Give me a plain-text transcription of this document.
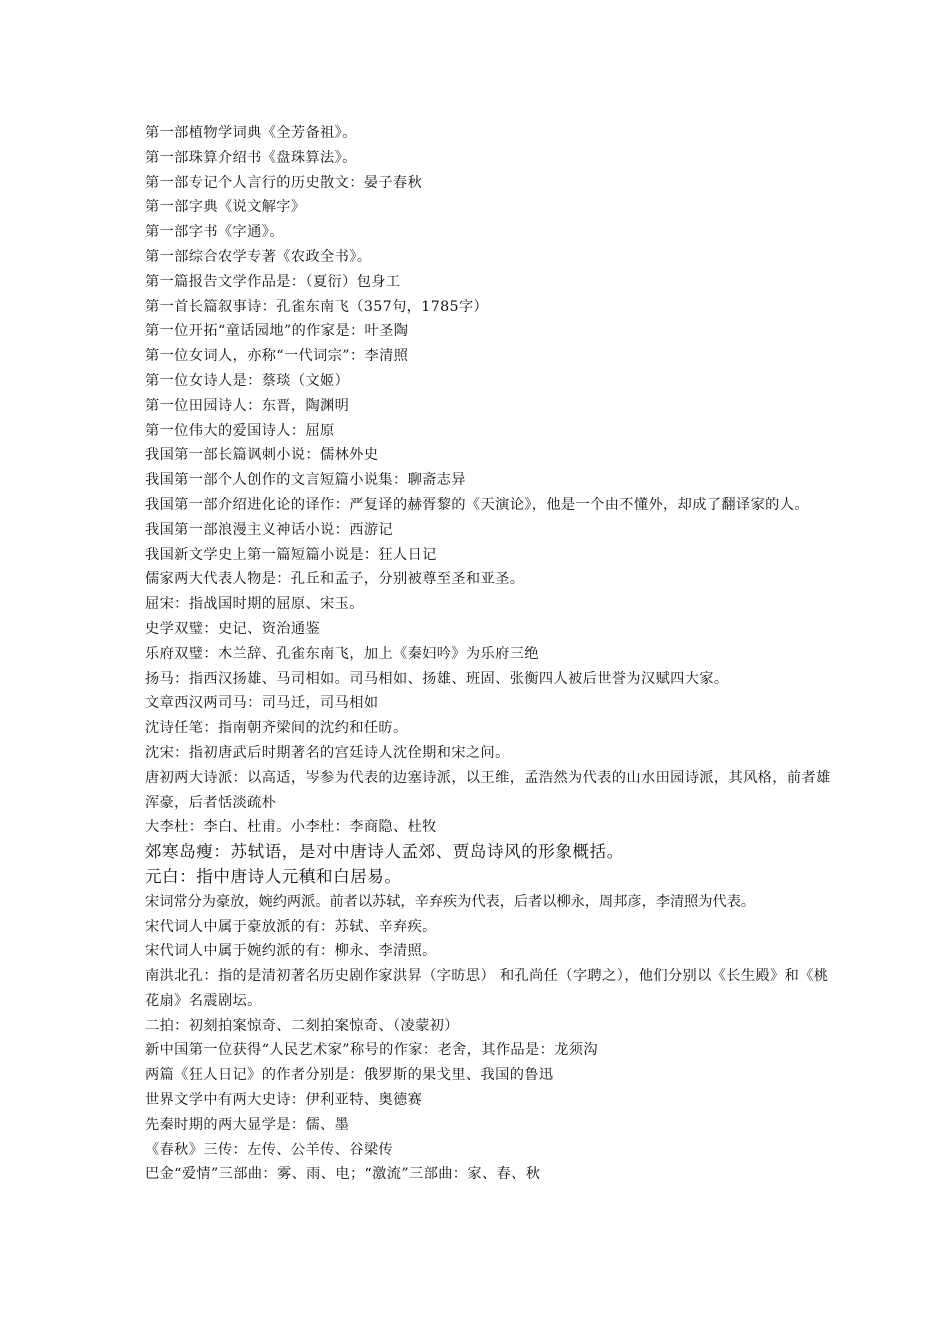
第一部植物学词典《全芳备祖》。
第一部珠算介绍书《盘珠算法》。
第一部专记个人言行的历史散文：晏子春秋
第一部字典《说文解字》
第一部字书《字通》。
第一部综合农学专著《农政全书》。
第一篇报告文学作品是：（夏衍）包身工
第一首长篇叙事诗：孔雀东南飞（357句，1785字）
第一位开拓“童话园地”的作家是：叶圣陶
第一位女词人，亦称“一代词宗”：李清照
第一位女诗人是：蔡琰（文姬）
第一位田园诗人：东晋，陶渊明
第一位伟大的爱国诗人：屈原
我国第一部长篇讽刺小说：儒林外史
我国第一部个人创作的文言短篇小说集：聊斋志异
我国第一部介绍进化论的译作：严复译的赫胥黎的《天演论》，他是一个由不懂外，却成了翻译家的人。
我国第一部浪漫主义神话小说：西游记
我国新文学史上第一篇短篇小说是：狂人日记
儒家两大代表人物是：孔丘和孟子，分别被尊至圣和亚圣。
屈宋：指战国时期的屈原、宋玉。
史学双璧：史记、资治通鉴
乐府双璧：木兰辞、孔雀东南飞，加上《秦妇吟》为乐府三绝
扬马：指西汉扬雄、马司相如。司马相如、扬雄、班固、张衡四人被后世誉为汉赋四大家。
文章西汉两司马：司马迁，司马相如
沈诗任笔：指南朝齐梁间的沈约和任昉。
沈宋：指初唐武后时期著名的宫廷诗人沈佺期和宋之问。
唐初两大诗派：以高适，岑参为代表的边塞诗派，以王维，孟浩然为代表的山水田园诗派，其风格，前者雄浑豪，后者恬淡疏朴
大李杜：李白、杜甫。小李杜：李商隐、杜牧
郊寒岛瘦：苏轼语，是对中唐诗人孟郊、贾岛诗风的形象概括。
元白：指中唐诗人元稹和白居易。
宋词常分为豪放，婉约两派。前者以苏轼，辛弃疾为代表，后者以柳永，周邦彦，李清照为代表。
宋代词人中属于豪放派的有：苏轼、辛弃疾。
宋代词人中属于婉约派的有：柳永、李清照。
南洪北孔：指的是清初著名历史剧作家洪昇（字昉思） 和孔尚任（字聘之），他们分别以《长生殿》和《桃花扇》名震剧坛。
二拍：初刻拍案惊奇、二刻拍案惊奇、（凌蒙初）
新中国第一位获得“人民艺术家”称号的作家：老舍，其作品是：龙须沟
两篇《狂人日记》的作者分别是：俄罗斯的果戈里、我国的鲁迅
世界文学中有两大史诗：伊利亚特、奥德赛
先秦时期的两大显学是：儒、墨
《春秋》三传：左传、公羊传、谷梁传
巴金“爱情”三部曲：雾、雨、电；“激流”三部曲：家、春、秋
